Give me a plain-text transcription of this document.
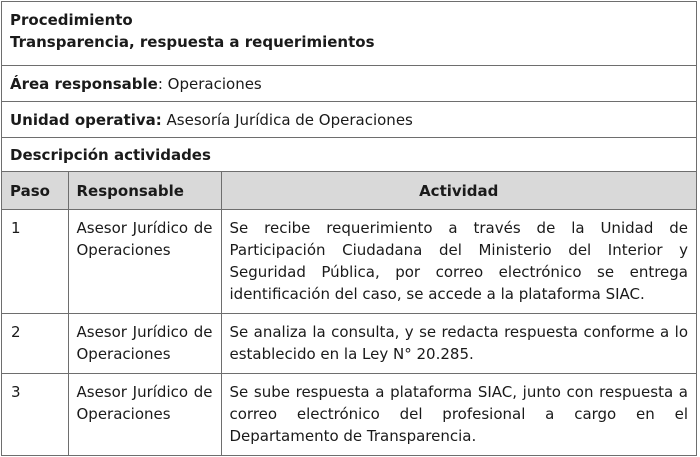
Procedimiento
Transparencia, respuesta a requerimientos
Área responsable: Operaciones
Unidad operativa: Asesoría Jurídica de Operaciones
Descripción actividades
Paso	Responsable	Actividad
1	Asesor Jurídico de Operaciones	Se recibe requerimiento a través de la Unidad de Participación Ciudadana del Ministerio del Interior y Seguridad Pública, por correo electrónico se entrega identificación del caso, se accede a la plataforma SIAC.
2	Asesor Jurídico de Operaciones	Se analiza la consulta, y se redacta respuesta conforme a lo establecido en la Ley N° 20.285.
3	Asesor Jurídico de Operaciones	Se sube respuesta a plataforma SIAC, junto con respuesta a correo electrónico del profesional a cargo en el Departamento de Transparencia.
